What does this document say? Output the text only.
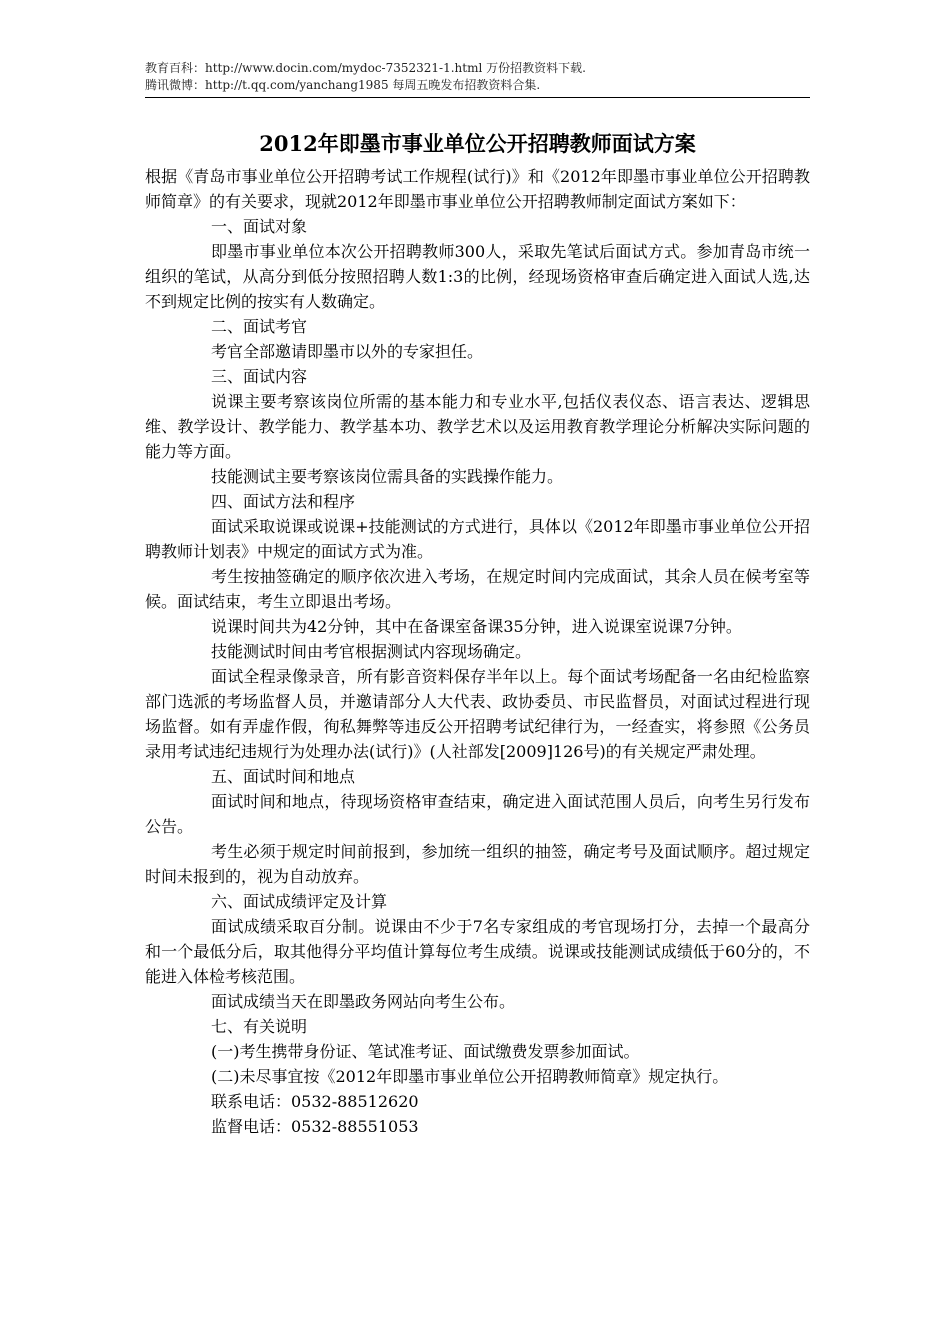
教育百科：http://www.docin.com/mydoc-7352321-1.html 万份招教资料下载.
腾讯微博：http://t.qq.com/yanchang1985 每周五晚发布招教资料合集.
2012年即墨市事业单位公开招聘教师面试方案

根据《青岛市事业单位公开招聘考试工作规程(试行)》和《2012年即墨市事业单位公开招聘教师简章》的有关要求，现就2012年即墨市事业单位公开招聘教师制定面试方案如下：

一、面试对象

即墨市事业单位本次公开招聘教师300人，采取先笔试后面试方式。参加青岛市统一组织的笔试，从高分到低分按照招聘人数1:3的比例，经现场资格审查后确定进入面试人选,达不到规定比例的按实有人数确定。

二、面试考官

考官全部邀请即墨市以外的专家担任。

三、面试内容

说课主要考察该岗位所需的基本能力和专业水平,包括仪表仪态、语言表达、逻辑思维、教学设计、教学能力、教学基本功、教学艺术以及运用教育教学理论分析解决实际问题的能力等方面。

技能测试主要考察该岗位需具备的实践操作能力。

四、面试方法和程序

面试采取说课或说课+技能测试的方式进行，具体以《2012年即墨市事业单位公开招聘教师计划表》中规定的面试方式为准。

考生按抽签确定的顺序依次进入考场，在规定时间内完成面试，其余人员在候考室等候。面试结束，考生立即退出考场。

说课时间共为42分钟，其中在备课室备课35分钟，进入说课室说课7分钟。

技能测试时间由考官根据测试内容现场确定。

面试全程录像录音，所有影音资料保存半年以上。每个面试考场配备一名由纪检监察部门选派的考场监督人员，并邀请部分人大代表、政协委员、市民监督员，对面试过程进行现场监督。如有弄虚作假，徇私舞弊等违反公开招聘考试纪律行为，一经查实，将参照《公务员录用考试违纪违规行为处理办法(试行)》(人社部发[2009]126号)的有关规定严肃处理。

五、面试时间和地点

面试时间和地点，待现场资格审查结束，确定进入面试范围人员后，向考生另行发布公告。

考生必须于规定时间前报到，参加统一组织的抽签，确定考号及面试顺序。超过规定时间未报到的，视为自动放弃。

六、面试成绩评定及计算

面试成绩采取百分制。说课由不少于7名专家组成的考官现场打分，去掉一个最高分和一个最低分后，取其他得分平均值计算每位考生成绩。说课或技能测试成绩低于60分的，不能进入体检考核范围。

面试成绩当天在即墨政务网站向考生公布。

七、有关说明

(一)考生携带身份证、笔试准考证、面试缴费发票参加面试。

(二)未尽事宜按《2012年即墨市事业单位公开招聘教师简章》规定执行。

联系电话：0532-88512620

监督电话：0532-88551053
